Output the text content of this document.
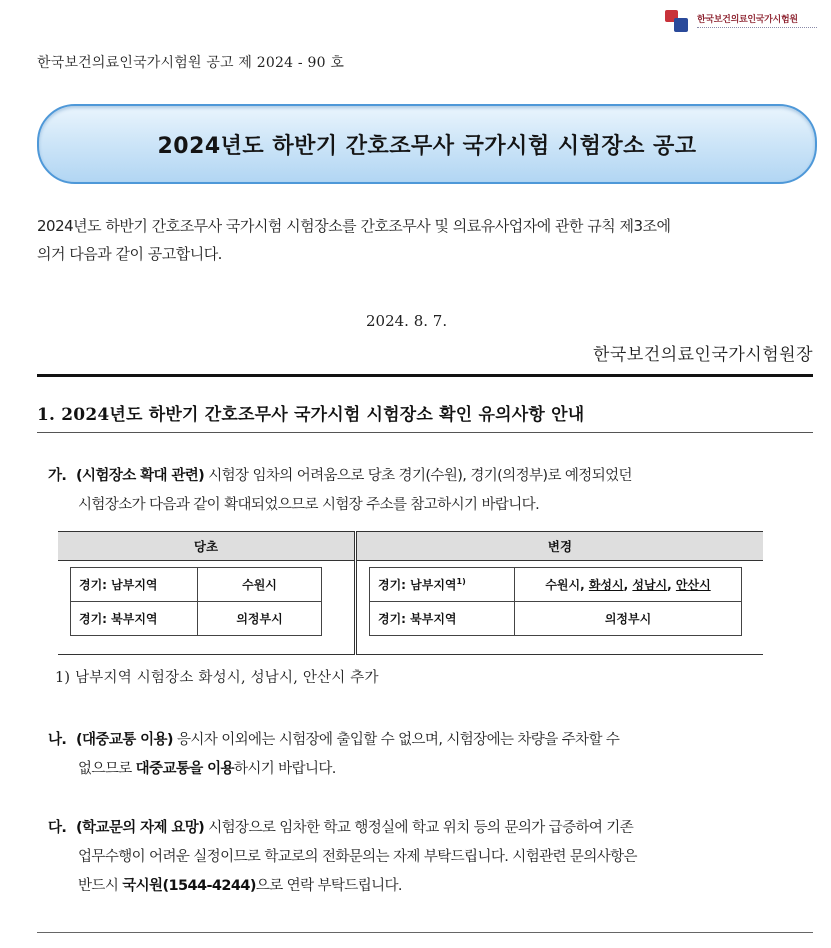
한국보건의료인국가시험원
한국보건의료인국가시험원 공고 제 2024 - 90 호
2024년도 하반기 간호조무사 국가시험 시험장소 공고
2024년도 하반기 간호조무사 국가시험 시험장소를 간호조무사 및 의료유사업자에 관한 규칙 제3조에
의거 다음과 같이 공고합니다.
2024. 8. 7.
한국보건의료인국가시험원장
1. 2024년도 하반기 간호조무사 국가시험 시험장소 확인 유의사항 안내
가. (시험장소 확대 관련) 시험장 임차의 어려움으로 당초 경기(수원), 경기(의정부)로 예정되었던
시험장소가 다음과 같이 확대되었으므로 시험장 주소를 참고하시기 바랍니다.
당초
경기: 남부지역	수원시
경기: 북부지역	의정부시
변경
경기: 남부지역$^{1)}$	수원시, 화성시, 성남시, 안산시
경기: 북부지역	의정부시
1) 남부지역 시험장소 화성시, 성남시, 안산시 추가
나. (대중교통 이용) 응시자 이외에는 시험장에 출입할 수 없으며, 시험장에는 차량을 주차할 수
없으므로 대중교통을 이용하시기 바랍니다.
다. (학교문의 자제 요망) 시험장으로 임차한 학교 행정실에 학교 위치 등의 문의가 급증하여 기존
업무수행이 어려운 실정이므로 학교로의 전화문의는 자제 부탁드립니다. 시험관련 문의사항은
반드시 국시원(1544-4244)으로 연락 부탁드립니다.
